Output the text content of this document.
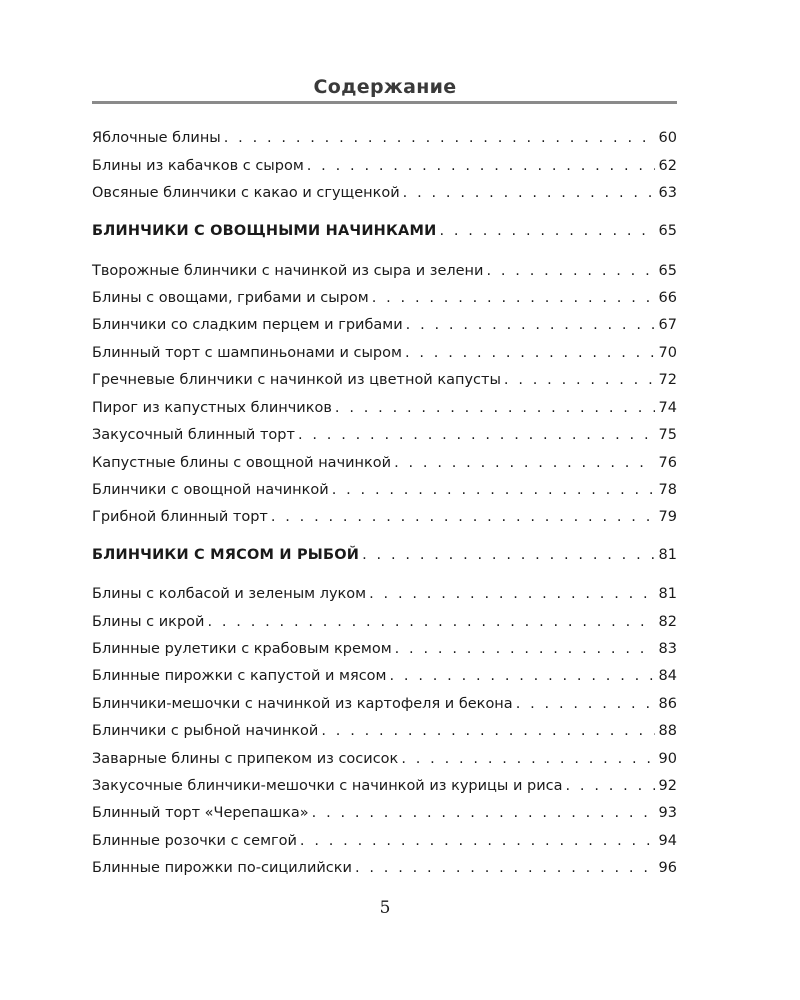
Содержание
Яблочные блины . . .	60
Блины из кабачков с сыром . . .	62
Овсяные блинчики с какао и сгущенкой . . .	63
БЛИНЧИКИ С ОВОЩНЫМИ НАЧИНКАМИ . . .	65
Творожные блинчики с начинкой из сыра и зелени . . .	65
Блины с овощами, грибами и сыром . . .	66
Блинчики со сладким перцем и грибами . . .	67
Блинный торт с шампиньонами и сыром . . .	70
Гречневые блинчики с начинкой из цветной капусты . . .	72
Пирог из капустных блинчиков . . .	74
Закусочный блинный торт . . .	75
Капустные блины с овощной начинкой . . .	76
Блинчики с овощной начинкой . . .	78
Грибной блинный торт . . .	79
БЛИНЧИКИ С МЯСОМ И РЫБОЙ . . .	81
Блины с колбасой и зеленым луком . . .	81
Блины с икрой . . .	82
Блинные рулетики с крабовым кремом . . .	83
Блинные пирожки с капустой и мясом . . .	84
Блинчики-мешочки с начинкой из картофеля и бекона . . .	86
Блинчики с рыбной начинкой . . .	88
Заварные блины с припеком из сосисок . . .	90
Закусочные блинчики-мешочки с начинкой из курицы и риса . . .	92
Блинный торт «Черепашка» . . .	93
Блинные розочки с семгой . . .	94
Блинные пирожки по-сицилийски . . .	96
5
